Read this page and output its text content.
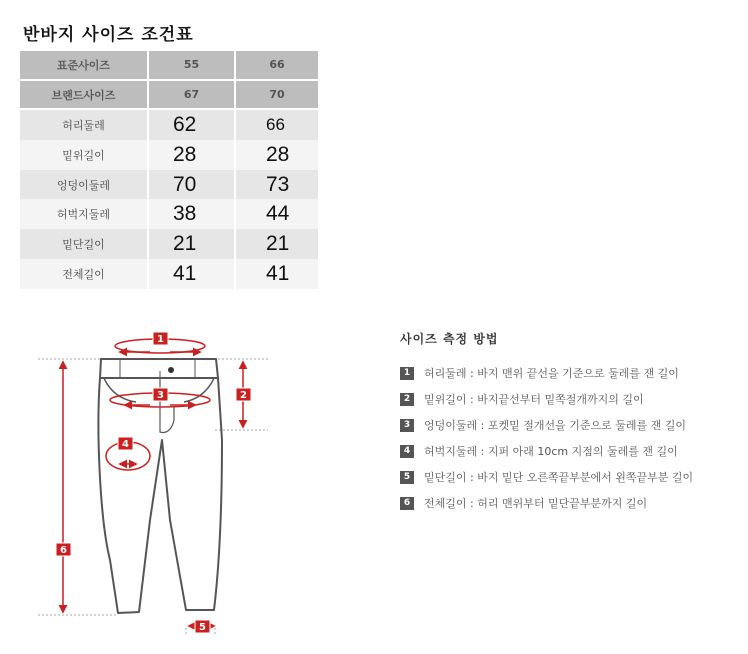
반바지 사이즈 조건표
표준사이즈	55	66
브랜드사이즈	67	70
허리둘레	62	66
밑위길이	28	28
엉덩이둘레	70	73
허벅지둘레	38	44
밑단길이	21	21
전체길이	41	41
1
2
3
4
5
6
사이즈 측정 방법
1	허리둘레 : 바지 맨위 끝선을 기준으로 둘레를 잰 길이
2	밑위길이 : 바지끝선부터 밑쪽절개까지의 길이
3	엉덩이둘레 : 포켓밑 절개선을 기준으로 둘레를 잰 길이
4	허벅지둘레 : 지퍼 아래 10cm 지점의 둘레를 잰 길이
5	밑단길이 : 바지 밑단 오른쪽끝부분에서 왼쪽끝부분 길이
6	전체길이 : 허리 맨위부터 밑단끝부분까지 길이
